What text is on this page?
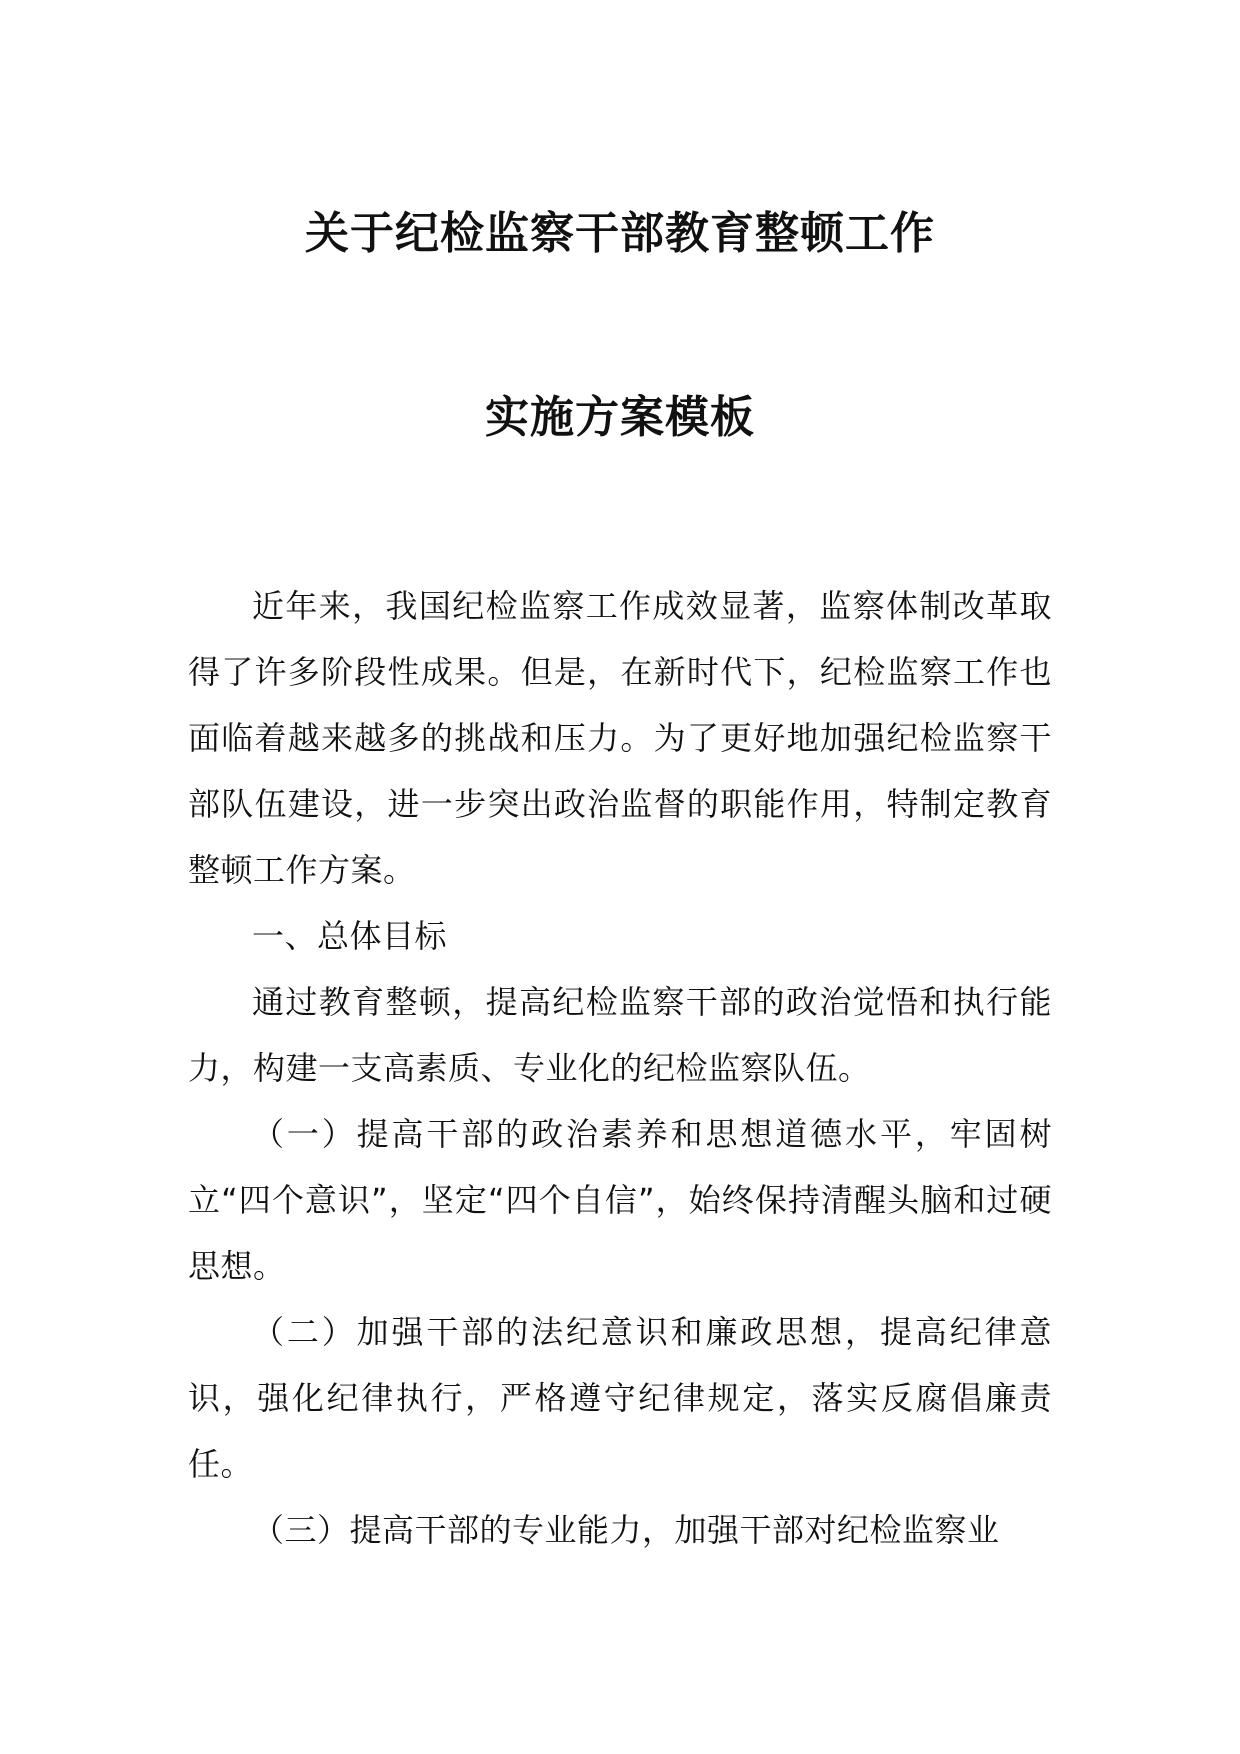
关于纪检监察干部教育整顿工作
实施方案模板

近年来，我国纪检监察工作成效显著，监察体制改革取得了许多阶段性成果。但是，在新时代下，纪检监察工作也面临着越来越多的挑战和压力。为了更好地加强纪检监察干部队伍建设，进一步突出政治监督的职能作用，特制定教育整顿工作方案。

一、总体目标

通过教育整顿，提高纪检监察干部的政治觉悟和执行能力，构建一支高素质、专业化的纪检监察队伍。

（一）提高干部的政治素养和思想道德水平，牢固树立“四个意识”，坚定“四个自信”，始终保持清醒头脑和过硬思想。

（二）加强干部的法纪意识和廉政思想，提高纪律意识，强化纪律执行，严格遵守纪律规定，落实反腐倡廉责任。

（三）提高干部的专业能力，加强干部对纪检监察业
